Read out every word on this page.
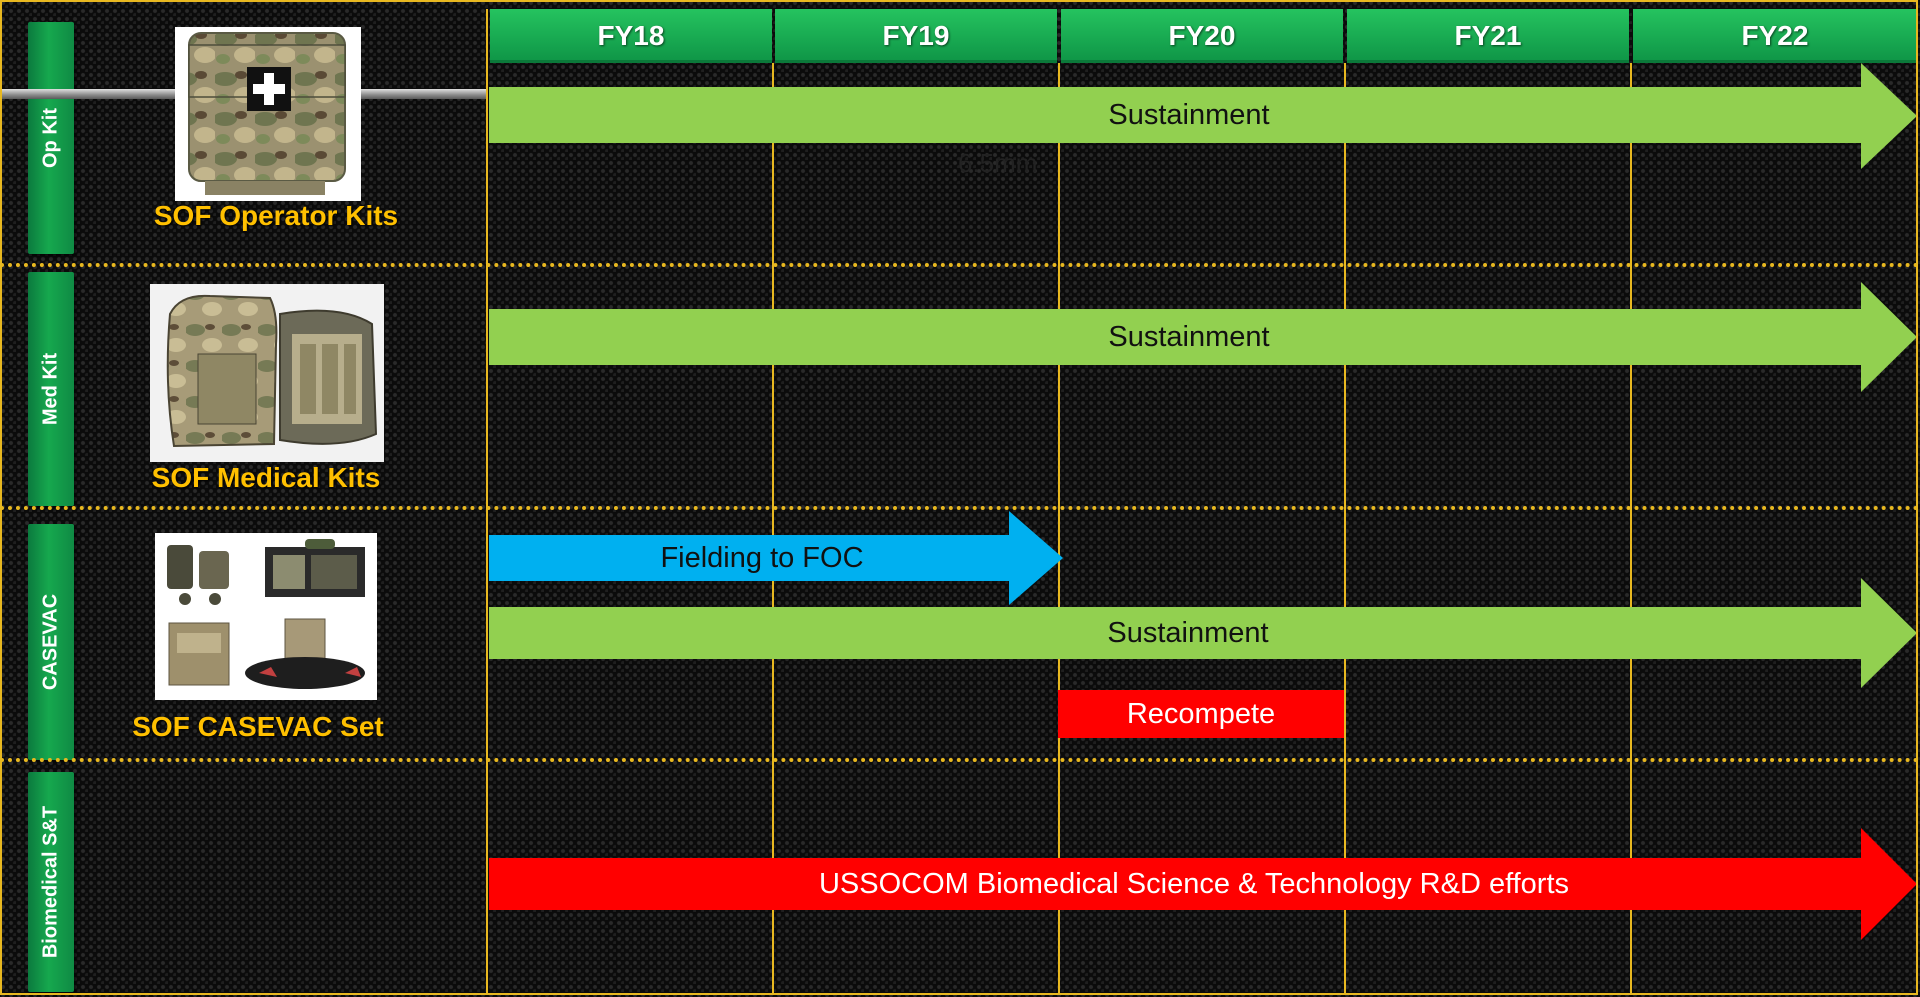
Op Kit
Med Kit
CASEVAC
Biomedical S&T
SOF Operator Kits
SOF Medical Kits
SOF CASEVAC Set
FY18	FY19	FY20	FY21	FY22
Sustainment
6.5mm
Sustainment
Fielding to FOC
Sustainment
Recompete
USSOCOM Biomedical Science & Technology R&D efforts
